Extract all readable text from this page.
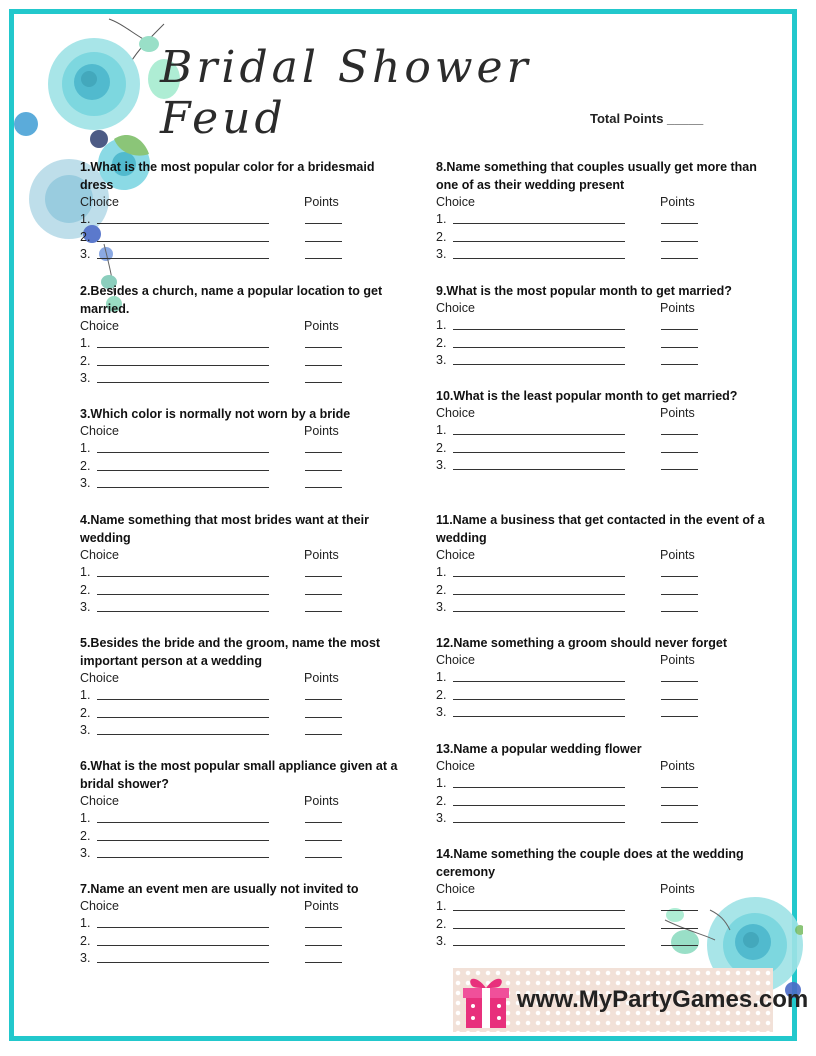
Bridal Shower Feud	Total Points _____

1.What is the most popular color for a bridesmaid dress

Choice	Points
1.
2.
3.

2.Besides a church, name a popular location to get married.

Choice	Points
1.
2.
3.

3.Which color is normally not worn by a bride

Choice	Points
1.
2.
3.

4.Name something that most brides want at their wedding

Choice	Points
1.
2.
3.

5.Besides the bride and the groom, name the most important person at a wedding

Choice	Points
1.
2.
3.

6.What is the most popular small appliance given at a bridal shower?

Choice	Points
1.
2.
3.

7.Name an event men are usually not invited to

Choice	Points
1.
2.
3.

8.Name something that couples usually get more than one of as their wedding present

Choice	Points
1.
2.
3.

9.What is the most popular month to get married?

Choice	Points
1.
2.
3.

10.What is the least popular month to get married?

Choice	Points
1.
2.
3.

11.Name a business that get contacted in the event of a wedding

Choice	Points
1.
2.
3.

12.Name something a groom should never forget

Choice	Points
1.
2.
3.

13.Name a popular wedding flower

Choice	Points
1.
2.
3.

14.Name something the couple does at the wedding ceremony

Choice	Points
1.
2.
3.
www.MyPartyGames.com
